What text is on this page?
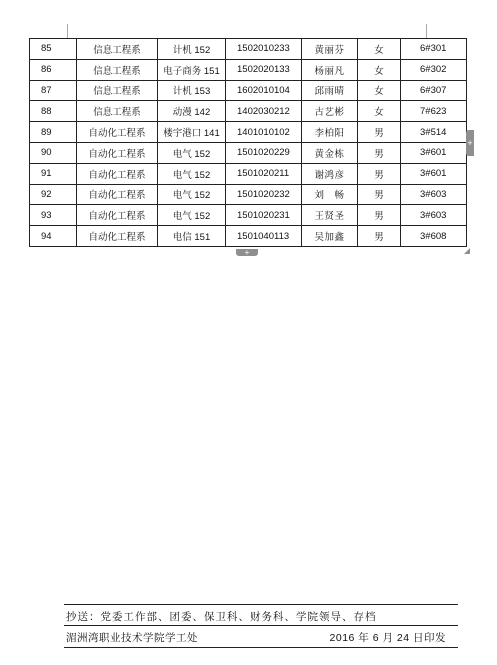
85	信息工程系	计机 152	1502010233	黄丽芬	女	6#301
86	信息工程系	电子商务 151	1502020133	杨丽凡	女	6#302
87	信息工程系	计机 153	1602010104	邱雨晴	女	6#307
88	信息工程系	动漫 142	1402030212	古艺彬	女	7#623
89	自动化工程系	楼宇港口 141	1401010102	李柏阳	男	3#514
90	自动化工程系	电气 152	1501020229	黄金栋	男	3#601
91	自动化工程系	电气 152	1501020211	谢鸿彦	男	3#601
92	自动化工程系	电气 152	1501020232	刘　畅	男	3#603
93	自动化工程系	电气 152	1501020231	王贤圣	男	3#603
94	自动化工程系	电信 151	1501040113	吴加鑫	男	3#608
+
+
抄送：党委工作部、团委、保卫科、财务科、学院领导、存档
湄洲湾职业技术学院学工处	2016 年 6 月 24 日印发
